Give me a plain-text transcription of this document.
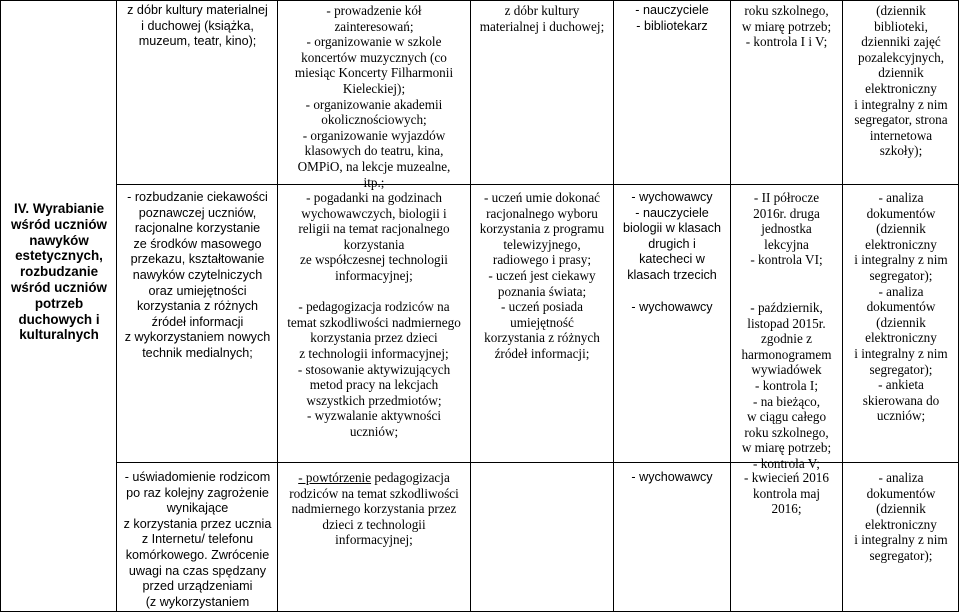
IV. Wyrabianie
wśród uczniów
nawyków
estetycznych,
rozbudzanie
wśród uczniów
potrzeb
duchowych i
kulturalnych
z dóbr kultury materialnej
i duchowej (książka,
muzeum, teatr, kino);
- rozbudzanie ciekawości
poznawczej uczniów,
racjonalne korzystanie
ze środków masowego
przekazu, kształtowanie
nawyków czytelniczych
oraz umiejętności
korzystania z różnych
źródeł informacji
z wykorzystaniem nowych
technik medialnych;
- uświadomienie rodzicom
po raz kolejny zagrożenie
wynikające
z korzystania przez ucznia
z Internetu/ telefonu
komórkowego. Zwrócenie
uwagi na czas spędzany
przed urządzeniami
(z wykorzystaniem
- prowadzenie kół
zainteresowań;
- organizowanie w szkole
koncertów muzycznych (co
miesiąc Koncerty Filharmonii
Kieleckiej);
- organizowanie akademii
okolicznościowych;
- organizowanie wyjazdów
klasowych do teatru, kina,
OMPiO, na lekcje muzealne,
itp.;
- pogadanki na godzinach
wychowawczych, biologii i
religii na temat racjonalnego
korzystania
ze współczesnej technologii
informacyjnej;

- pedagogizacja rodziców na
temat szkodliwości nadmiernego
korzystania przez dzieci
z technologii informacyjnej;
- stosowanie aktywizujących
metod pracy na lekcjach
wszystkich przedmiotów;
- wyzwalanie aktywności
uczniów;
- powtórzenie pedagogizacja
rodziców na temat szkodliwości
nadmiernego korzystania przez
dzieci z technologii
informacyjnej;
z dóbr kultury
materialnej i duchowej;
- uczeń umie dokonać
racjonalnego wyboru
korzystania z programu
telewizyjnego,
radiowego i prasy;
- uczeń jest ciekawy
poznania świata;
- uczeń posiada
umiejętność
korzystania z różnych
źródeł informacji;
- nauczyciele
- bibliotekarz
- wychowawcy
- nauczyciele
biologii w klasach
drugich i
katecheci w
klasach trzecich
- wychowawcy
- wychowawcy
roku szkolnego,
w miarę potrzeb;
- kontrola I i V;
- II półrocze
2016r. druga
jednostka
lekcyjna
- kontrola VI;
- październik,
listopad 2015r.
zgodnie z
harmonogramem
wywiadówek
- kontrola I;
- na bieżąco,
w ciągu całego
roku szkolnego,
w miarę potrzeb;
- kontrola V;
- kwiecień 2016
kontrola maj
2016;
(dziennik
biblioteki,
dzienniki zajęć
pozalekcyjnych,
dziennik
elektroniczny
i integralny z nim
segregator, strona
internetowa
szkoły);
- analiza
dokumentów
(dziennik
elektroniczny
i integralny z nim
segregator);
- analiza
dokumentów
(dziennik
elektroniczny
i integralny z nim
segregator);
- ankieta
skierowana do
uczniów;
- analiza
dokumentów
(dziennik
elektroniczny
i integralny z nim
segregator);
